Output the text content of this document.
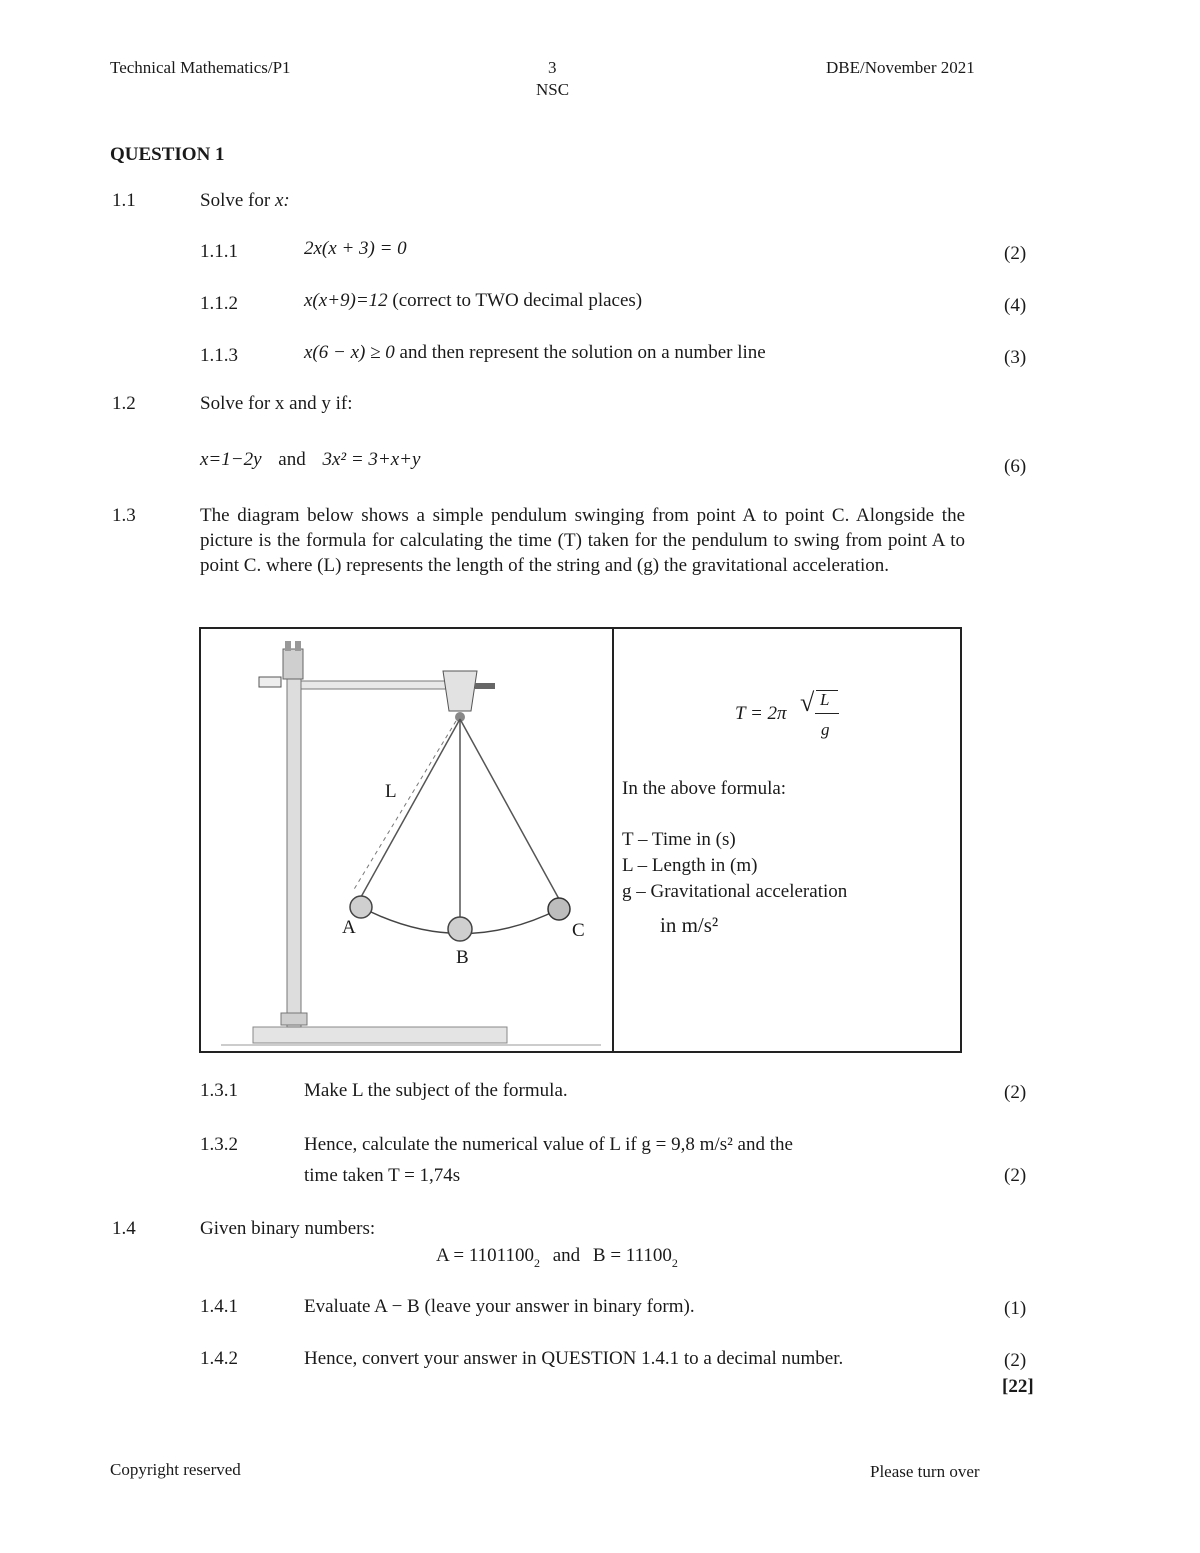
Technical Mathematics/P1	3
NSC
DBE/November 2021
QUESTION 1
1.1	Solve for x:
1.1.1	2x(x + 3) = 0	(2)
1.1.2	x(x+9)=12 (correct to TWO decimal places)	(4)
1.1.3	x(6 − x) ≥ 0 and then represent the solution on a number line	(3)
1.2	Solve for x and y if:
x=1−2y and 3x² = 3+x+y	(6)
1.3	The diagram below shows a simple pendulum swinging from point A to point C. Alongside the picture is the formula for calculating the time (T) taken for the pendulum to swing from point A to point C. where (L) represents the length of the string and (g) the gravitational acceleration.
L
A
B
C
T = 2π √ L
g
In the above formula:
T – Time in (s)
L – Length in (m)
g – Gravitational acceleration
in m/s²
1.3.1	Make L the subject of the formula.	(2)
1.3.2	Hence, calculate the numerical value of L if g = 9,8 m/s² and the
time taken T = 1,74s	(2)
1.4	Given binary numbers:
$A = 1101100_2$ and $B = 11100_2$
1.4.1	Evaluate A − B (leave your answer in binary form).	(1)
1.4.2	Hence, convert your answer in QUESTION 1.4.1 to a decimal number.	(2)
[22]
Copyright reserved	Please turn over
